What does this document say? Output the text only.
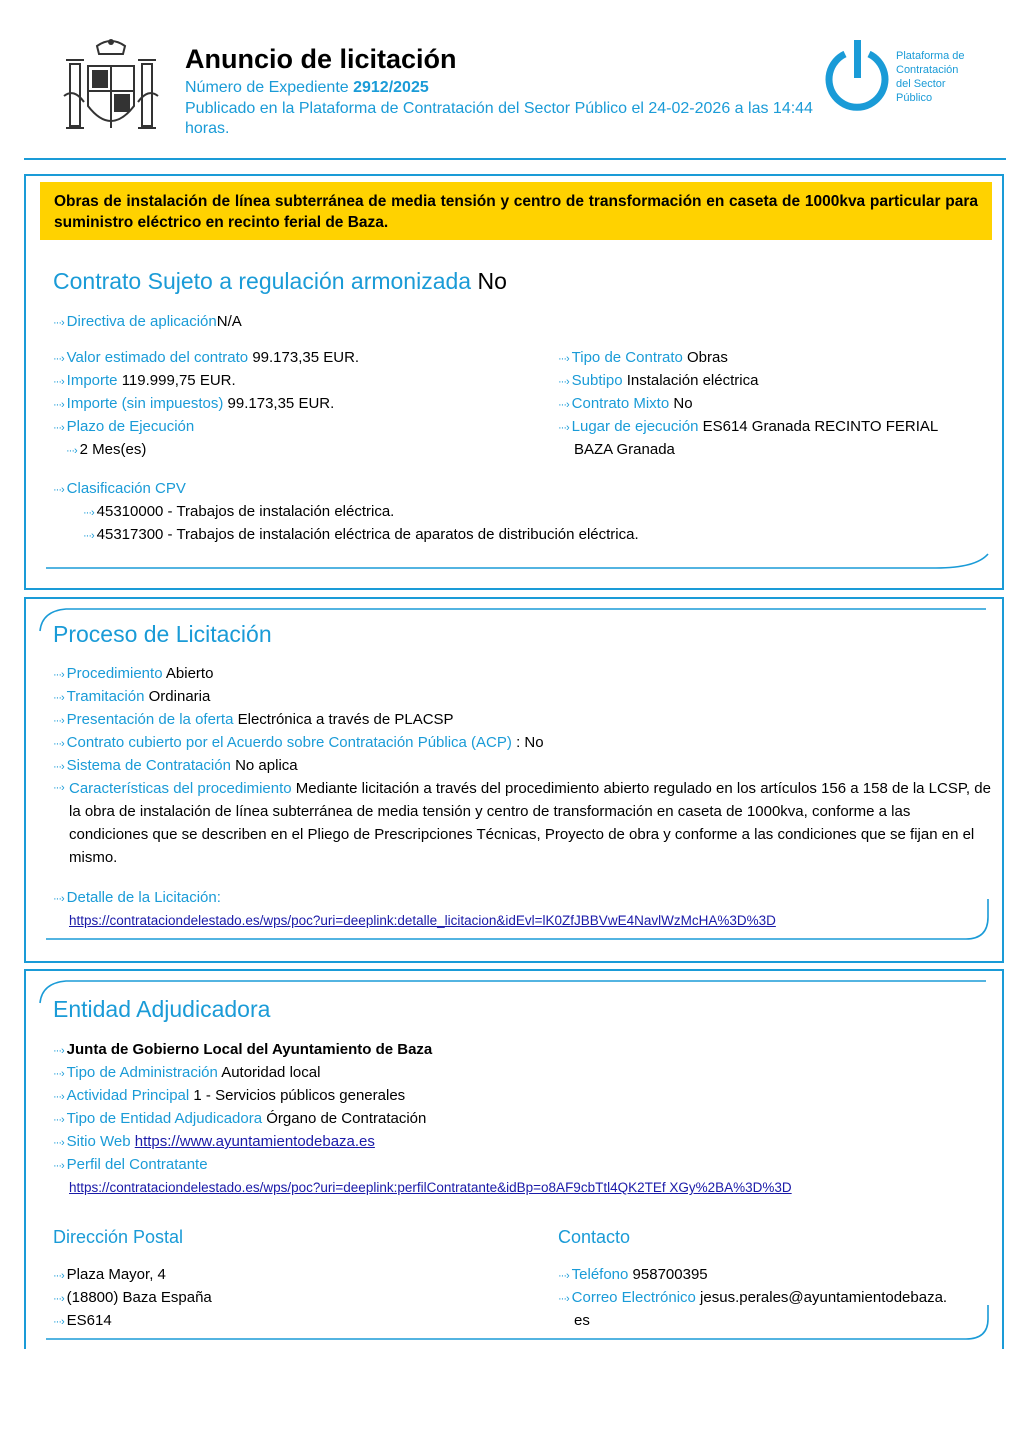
Anuncio de licitación
Número de Expediente 2912/2025
Publicado en la Plataforma de Contratación del Sector Público el 24-02-2026 a las 14:44 horas.
Plataforma de
Contratación
del Sector
Público
Obras de instalación de línea subterránea de media tensión y centro de transformación en caseta de 1000kva particular para suministro eléctrico en recinto ferial de Baza.
Contrato Sujeto a regulación armonizada No
···› Directiva de aplicaciónN/A
···› Valor estimado del contrato 99.173,35 EUR.
···› Importe 119.999,75 EUR.
···› Importe (sin impuestos) 99.173,35 EUR.
···› Plazo de Ejecución
···› 2 Mes(es)
···› Tipo de Contrato Obras
···› Subtipo Instalación eléctrica
···› Contrato Mixto No
···› Lugar de ejecución ES614 Granada RECINTO FERIAL
BAZA Granada
···› Clasificación CPV
···› 45310000 - Trabajos de instalación eléctrica.
···› 45317300 - Trabajos de instalación eléctrica de aparatos de distribución eléctrica.
Proceso de Licitación
···› Procedimiento Abierto
···› Tramitación Ordinaria
···› Presentación de la oferta Electrónica a través de PLACSP
···› Contrato cubierto por el Acuerdo sobre Contratación Pública (ACP) : No
···› Sistema de Contratación No aplica
···› Características del procedimiento Mediante licitación a través del procedimiento abierto regulado en los artículos 156 a 158 de la LCSP, de la obra de instalación de línea subterránea de media tensión y centro de transformación en caseta de 1000kva, conforme a las condiciones que se describen en el Pliego de Prescripciones Técnicas, Proyecto de obra y conforme a las condiciones que se fijan en el mismo.
···› Detalle de la Licitación:
https://contrataciondelestado.es/wps/poc?uri=deeplink:detalle_licitacion&idEvl=lK0ZfJBBVwE4NavlWzMcHA%3D%3D
Entidad Adjudicadora
···› Junta de Gobierno Local del Ayuntamiento de Baza
···› Tipo de Administración Autoridad local
···› Actividad Principal 1 - Servicios públicos generales
···› Tipo de Entidad Adjudicadora Órgano de Contratación
···› Sitio Web https://www.ayuntamientodebaza.es
···› Perfil del Contratante
https://contrataciondelestado.es/wps/poc?uri=deeplink:perfilContratante&idBp=o8AF9cbTtl4QK2TEf XGy%2BA%3D%3D
Dirección Postal
···› Plaza Mayor, 4
···› (18800) Baza España
···› ES614
Contacto
···› Teléfono 958700395
···› Correo Electrónico jesus.perales@ayuntamientodebaza.
es
